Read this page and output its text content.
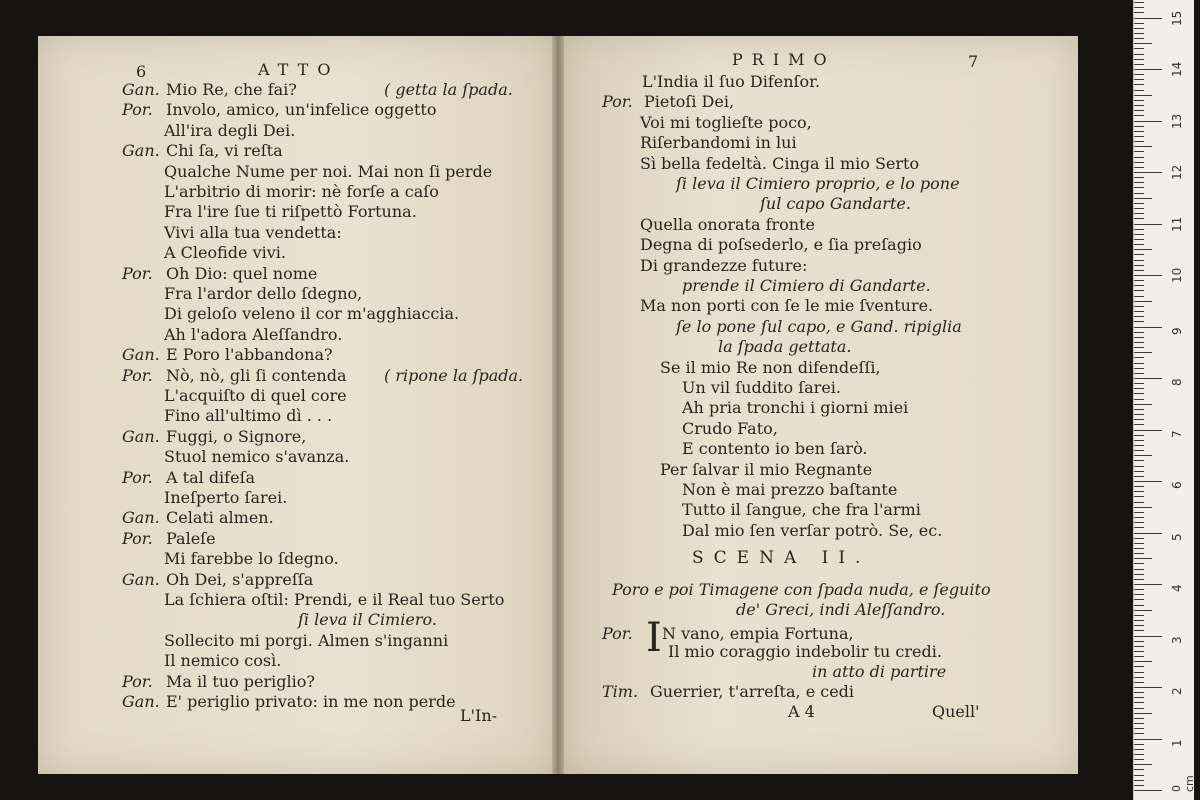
6	ATTO
Gan. Mio Re, che fai?	( getta la ſpada.
Por. Involo, amico, un'infelice oggetto
All'ira degli Dei.
Gan. Chi ſa, vi reſta
Qualche Nume per noi. Mai non ſi perde
L'arbitrio di morir: nè forſe a caſo
Fra l'ire ſue ti riſpettò Fortuna.
Vivi alla tua vendetta:
A Cleofide vivi.
Por. Oh Dio: quel nome
Fra l'ardor dello ſdegno,
Di geloſo veleno il cor m'agghiaccia.
Ah l'adora Aleſſandro.
Gan. E Poro l'abbandona?
Por. Nò, nò, gli ſi contenda ( ripone la ſpada.
L'acquiſto di quel core
Fino all'ultimo dì . . .
Gan. Fuggi, o Signore,
Stuol nemico s'avanza.
Por. A tal difeſa
Ineſperto ſarei.
Gan. Celati almen.
Por. Paleſe
Mi farebbe lo ſdegno.
Gan. Oh Dei, s'appreſſa
La ſchiera oſtil: Prendi, e il Real tuo Serto
ſi leva il Cimiero.
Sollecito mi porgi. Almen s'inganni
Il nemico così.
Por. Ma il tuo periglio?
Gan. E' periglio privato: in me non perde
L'In-
PRIMO	7
L'India il ſuo Difenſor.
Por. Pietoſi Dei,
Voi mi toglieſte poco,
Riſerbandomi in lui
Sì bella fedeltà. Cinga il mio Serto
ſi leva il Cimiero proprio, e lo pone
ſul capo Gandarte.
Quella onorata fronte
Degna di poſsederlo, e ſia preſagio
Di grandezze future:
prende il Cimiero di Gandarte.
Ma non porti con ſe le mie ſventure.
ſe lo pone ſul capo, e Gand. ripiglia
la ſpada gettata.
Se il mio Re non difendeſſi,
Un vil ſuddito ſarei.
Ah pria tronchi i giorni miei
Crudo Fato,
E contento io ben ſarò.
Per ſalvar il mio Regnante
Non è mai prezzo baſtante
Tutto il ſangue, che fra l'armi
Dal mio ſen verſar potrò. Se, ec.
SCENA II.
Poro e poi Timagene con ſpada nuda, e ſeguito
de' Greci, indi Aleſſandro.
Por. I N vano, empia Fortuna,
Il mio coraggio indebolir tu credi.
in atto di partire
Tim. Guerrier, t'arreſta, e cedi
A 4	Quell'
0 cm
1
2
3
4
5
6
7
8
9
10
11
12
13
14
15
